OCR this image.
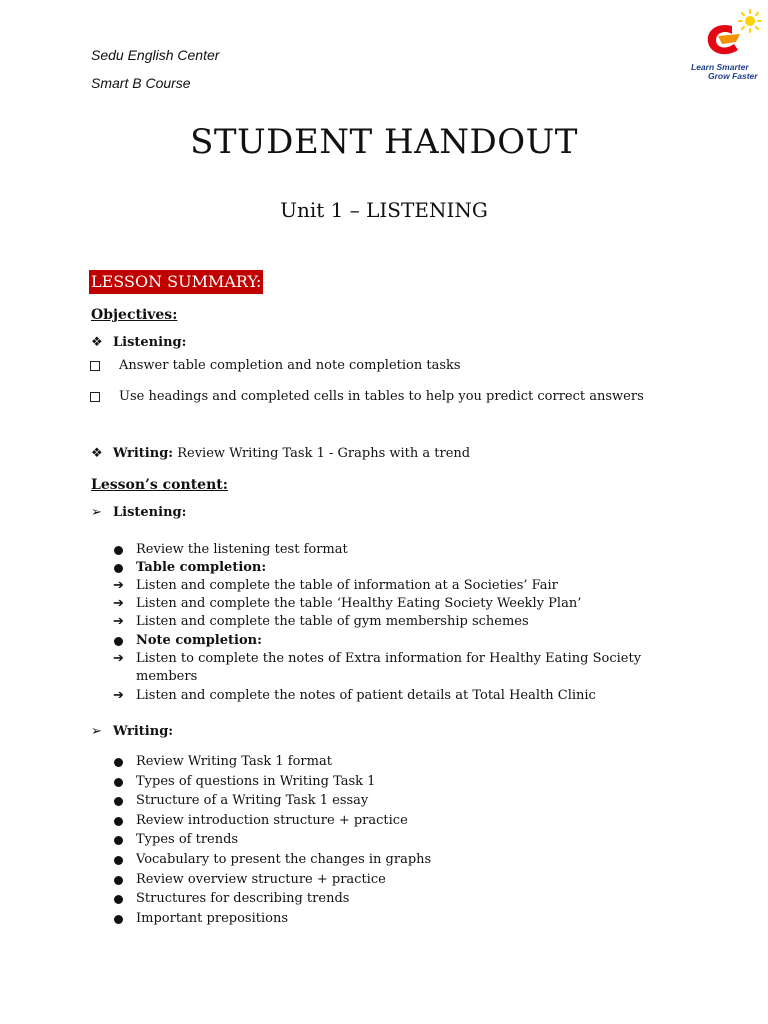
Sedu English Center
Smart B Course
Learn Smarter
Grow Faster
STUDENT HANDOUT
Unit 1 – LISTENING
LESSON SUMMARY:
Objectives:
❖ Listening:
Answer table completion and note completion tasks
Use headings and completed cells in tables to help you predict correct answers
❖ Writing: Review Writing Task 1 - Graphs with a trend
Lesson’s content:
➢ Listening:
Review the listening test format
Table completion:
➔ Listen and complete the table of information at a Societies’ Fair
➔ Listen and complete the table ‘Healthy Eating Society Weekly Plan’
➔ Listen and complete the table of gym membership schemes
Note completion:
➔ Listen to complete the notes of Extra information for Healthy Eating Society
members
➔ Listen and complete the notes of patient details at Total Health Clinic
➢ Writing:
Review Writing Task 1 format
Types of questions in Writing Task 1
Structure of a Writing Task 1 essay
Review introduction structure + practice
Types of trends
Vocabulary to present the changes in graphs
Review overview structure + practice
Structures for describing trends
Important prepositions
